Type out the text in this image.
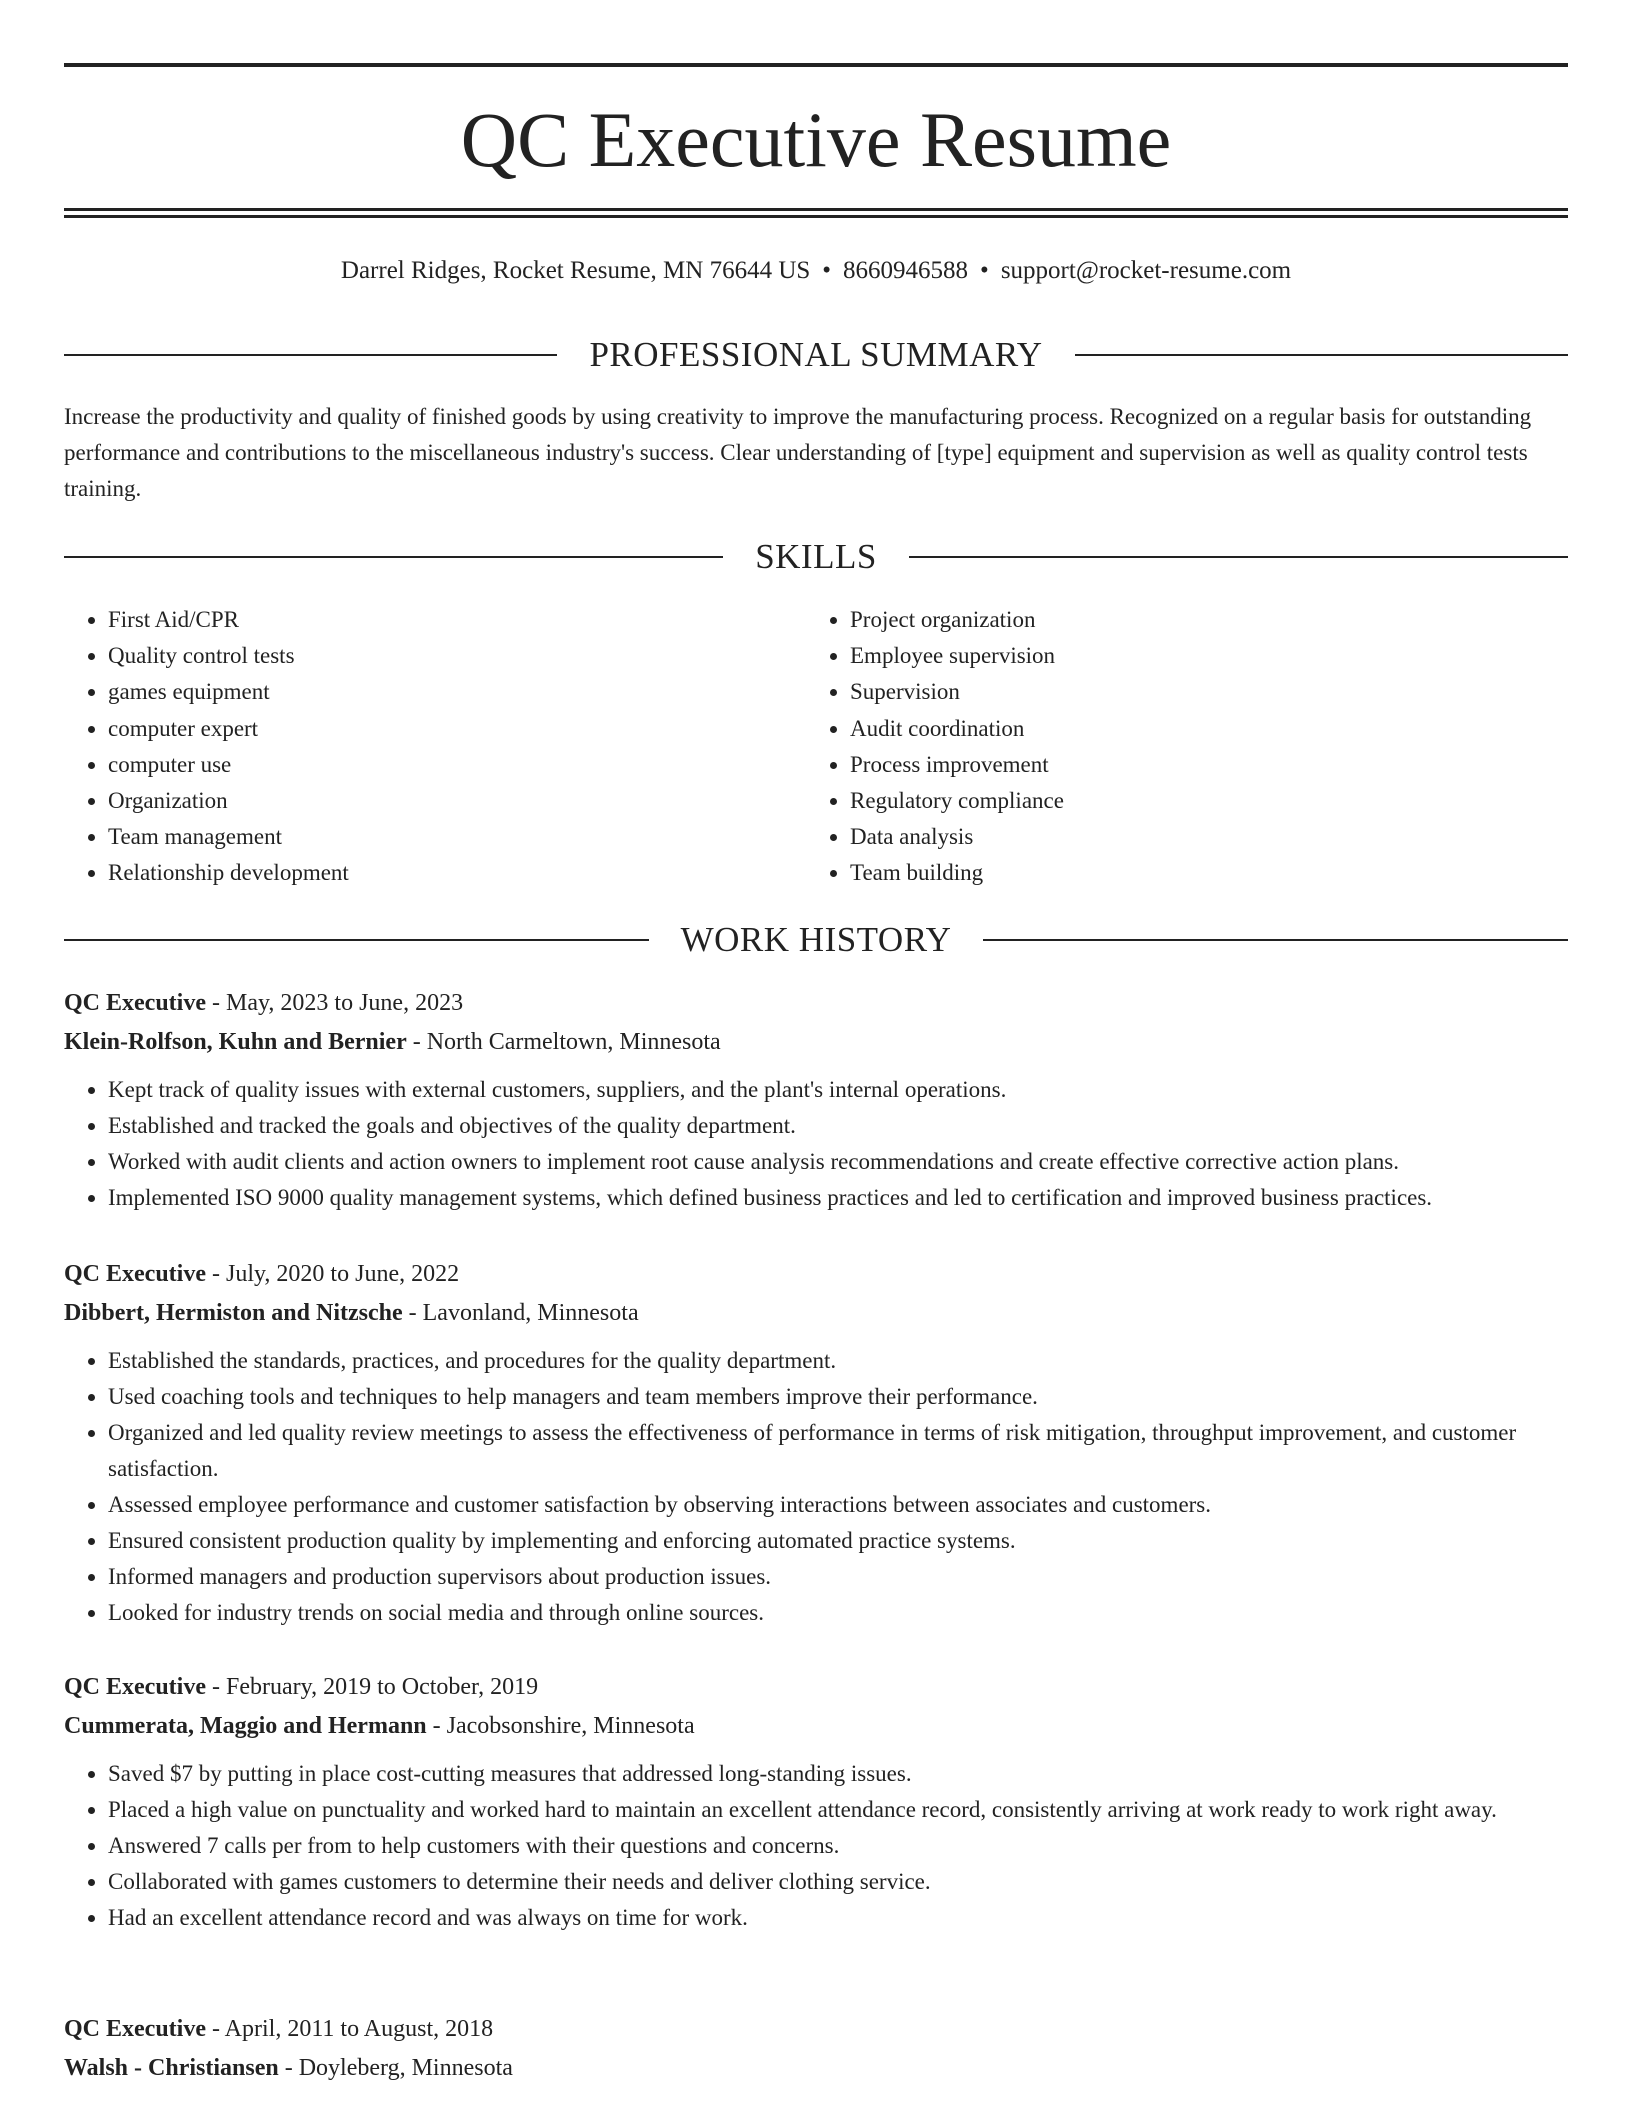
QC Executive Resume
Darrel Ridges, Rocket Resume, MN 76644 US • 8660946588 • support@rocket-resume.com
PROFESSIONAL SUMMARY

Increase the productivity and quality of finished goods by using creativity to improve the manufacturing process. Recognized on a regular basis for outstanding performance and contributions to the miscellaneous industry's success. Clear understanding of [type] equipment and supervision as well as quality control tests training.

SKILLS
• First Aid/CPR
• Quality control tests
• games equipment
• computer expert
• computer use
• Organization
• Team management
• Relationship development
• Project organization
• Employee supervision
• Supervision
• Audit coordination
• Process improvement
• Regulatory compliance
• Data analysis
• Team building
WORK HISTORY
QC Executive - May, 2023 to June, 2023
Klein-Rolfson, Kuhn and Bernier - North Carmeltown, Minnesota
• Kept track of quality issues with external customers, suppliers, and the plant's internal operations.
• Established and tracked the goals and objectives of the quality department.
• Worked with audit clients and action owners to implement root cause analysis recommendations and create effective corrective action plans.
• Implemented ISO 9000 quality management systems, which defined business practices and led to certification and improved business practices.
QC Executive - July, 2020 to June, 2022
Dibbert, Hermiston and Nitzsche - Lavonland, Minnesota
• Established the standards, practices, and procedures for the quality department.
• Used coaching tools and techniques to help managers and team members improve their performance.
• Organized and led quality review meetings to assess the effectiveness of performance in terms of risk mitigation, throughput improvement, and customer satisfaction.
• Assessed employee performance and customer satisfaction by observing interactions between associates and customers.
• Ensured consistent production quality by implementing and enforcing automated practice systems.
• Informed managers and production supervisors about production issues.
• Looked for industry trends on social media and through online sources.
QC Executive - February, 2019 to October, 2019
Cummerata, Maggio and Hermann - Jacobsonshire, Minnesota
• Saved $7 by putting in place cost-cutting measures that addressed long-standing issues.
• Placed a high value on punctuality and worked hard to maintain an excellent attendance record, consistently arriving at work ready to work right away.
• Answered 7 calls per from to help customers with their questions and concerns.
• Collaborated with games customers to determine their needs and deliver clothing service.
• Had an excellent attendance record and was always on time for work.
QC Executive - April, 2011 to August, 2018
Walsh - Christiansen - Doyleberg, Minnesota
